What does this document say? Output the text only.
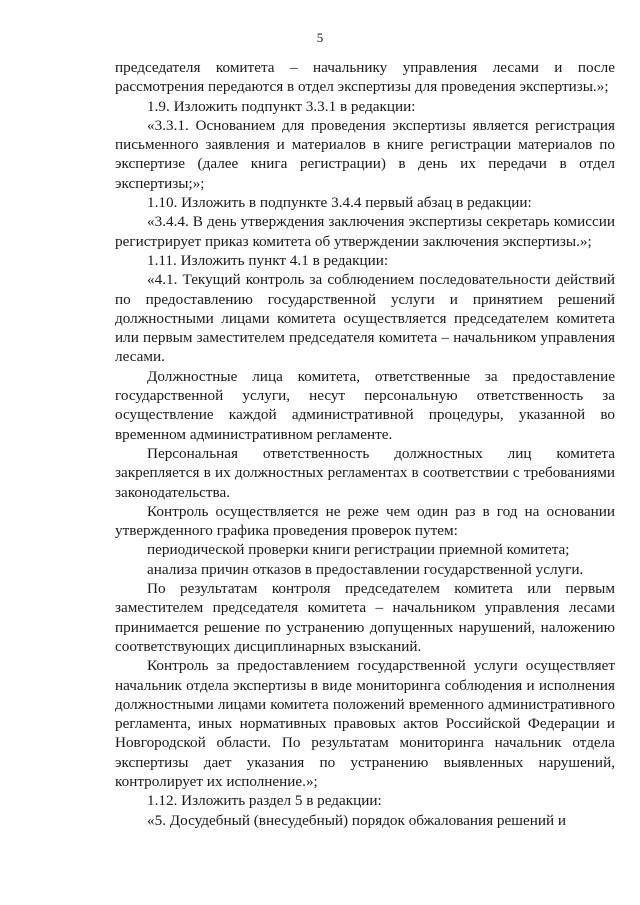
5

председателя комитета – начальнику управления лесами и после рассмотрения передаются в отдел экспертизы для проведения экспертизы.»;

1.9. Изложить подпункт 3.3.1 в редакции:

«3.3.1. Основанием для проведения экспертизы является регистрация письменного заявления и материалов в книге регистрации материалов по экспертизе (далее книга регистрации) в день их передачи в отдел экспертизы;»;

1.10. Изложить в подпункте 3.4.4 первый абзац в редакции:

«3.4.4. В день утверждения заключения экспертизы секретарь комиссии регистрирует приказ комитета об утверждении заключения экспертизы.»;

1.11. Изложить пункт 4.1 в редакции:

«4.1. Текущий контроль за соблюдением последовательности действий по предоставлению государственной услуги и принятием решений должностными лицами комитета осуществляется председателем комитета или первым заместителем председателя комитета – начальником управления лесами.

Должностные лица комитета, ответственные за предоставление государственной услуги, несут персональную ответственность за осуществление каждой административной процедуры, указанной во временном административном регламенте.

Персональная ответственность должностных лиц комитета закрепляется в их должностных регламентах в соответствии с требованиями законодательства.

Контроль осуществляется не реже чем один раз в год на основании утвержденного графика проведения проверок путем:

периодической проверки книги регистрации приемной комитета;

анализа причин отказов в предоставлении государственной услуги.

По результатам контроля председателем комитета или первым заместителем председателя комитета – начальником управления лесами принимается решение по устранению допущенных нарушений, наложению соответствующих дисциплинарных взысканий.

Контроль за предоставлением государственной услуги осуществляет начальник отдела экспертизы в виде мониторинга соблюдения и исполнения должностными лицами комитета положений временного административного регламента, иных нормативных правовых актов Российской Федерации и Новгородской области. По результатам мониторинга начальник отдела экспертизы дает указания по устранению выявленных нарушений, контролирует их исполнение.»;

1.12. Изложить раздел 5 в редакции:

«5. Досудебный (внесудебный) порядок обжалования решений и
